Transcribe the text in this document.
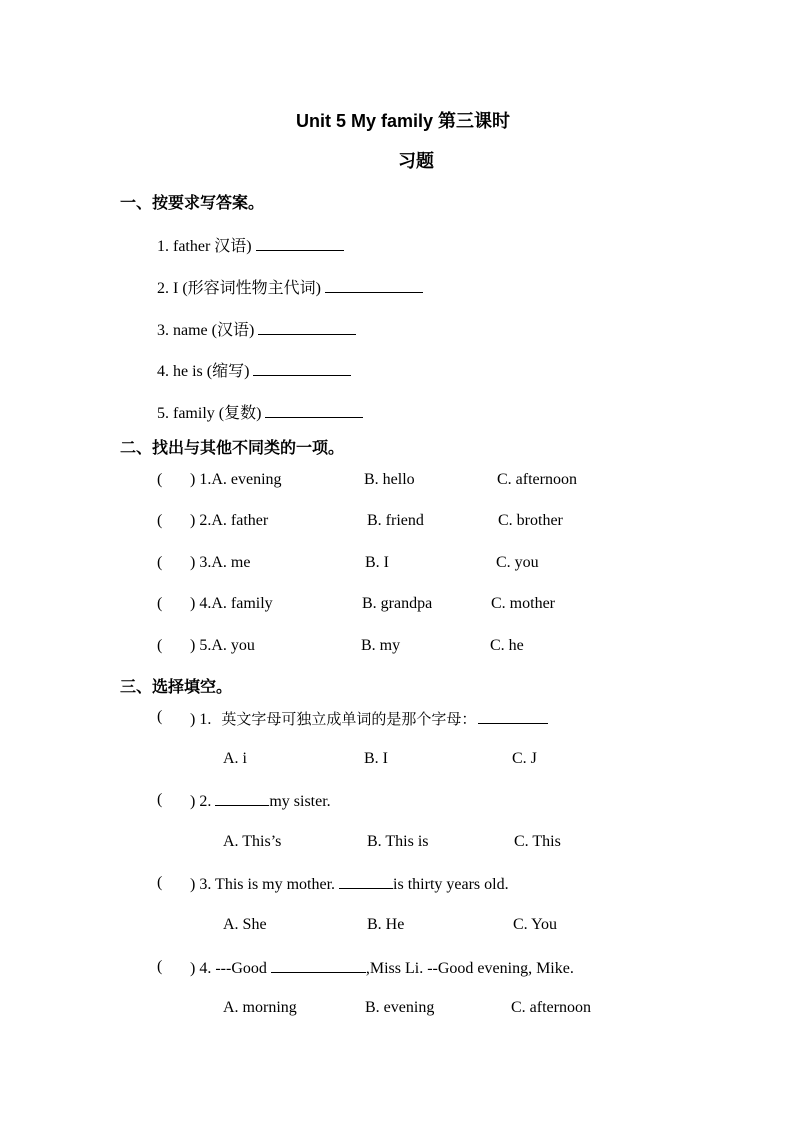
Unit 5 My family 第三课时
习题
一、按要求写答案。
1. father 汉语)
2. I (形容词性物主代词)
3. name (汉语)
4. he is (缩写)
5. family (复数)
二、找出与其他不同类的一项。
( ) 1.A. evening	B. hello	C. afternoon
( ) 2.A. father	B. friend	C. brother
( ) 3.A. me	B. I	C. you
( ) 4.A. family	B. grandpa	C. mother
( ) 5.A. you	B. my	C. he
三、选择填空。
( ) 1. 英文字母可独立成单词的是那个字母：
A. i	B. I	C. J
( ) 2.	my sister.
A. This’s	B. This is	C. This
( ) 3. This is my mother.	is thirty years old.
A. She	B. He	C. You
( ) 4. ---Good	,Miss Li. --Good evening, Mike.
A. morning	B. evening	C. afternoon
